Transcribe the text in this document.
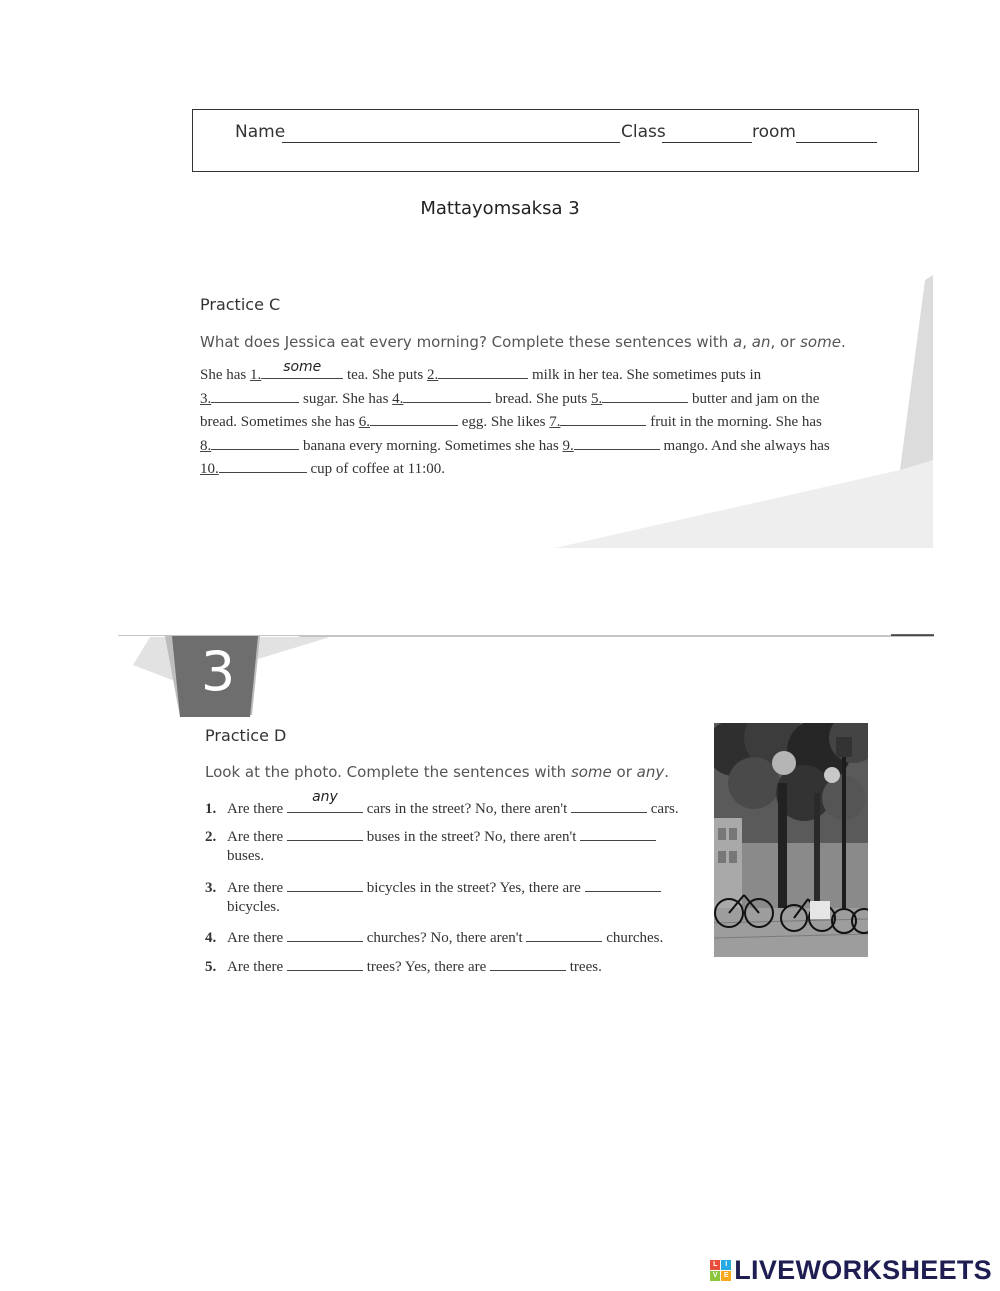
Name	Class	room
Mattayomsaksa 3
Practice C
What does Jessica eat every morning? Complete these sentences with a, an, or some.
She has 1.	some	tea. She puts 2.	milk in her tea. She sometimes puts in
3.	sugar. She has 4.	bread. She puts 5.	butter and jam on the
bread. Sometimes she has 6.	egg. She likes 7.	fruit in the morning. She has
8.	banana every morning. Sometimes she has 9.	mango. And she always has
10.	cup of coffee at 11:00.
3
Practice D
Look at the photo. Complete the sentences with some or any.
1. Are there
any
cars in the street? No, there aren't	cars.
2. Are there	buses in the street? No, there aren't
buses.
3. Are there	bicycles in the street? Yes, there are
bicycles.
4. Are there	churches? No, there aren't	churches.
5. Are there	trees? Yes, there are	trees.
L	I
V E LIVEWORKSHEETS
